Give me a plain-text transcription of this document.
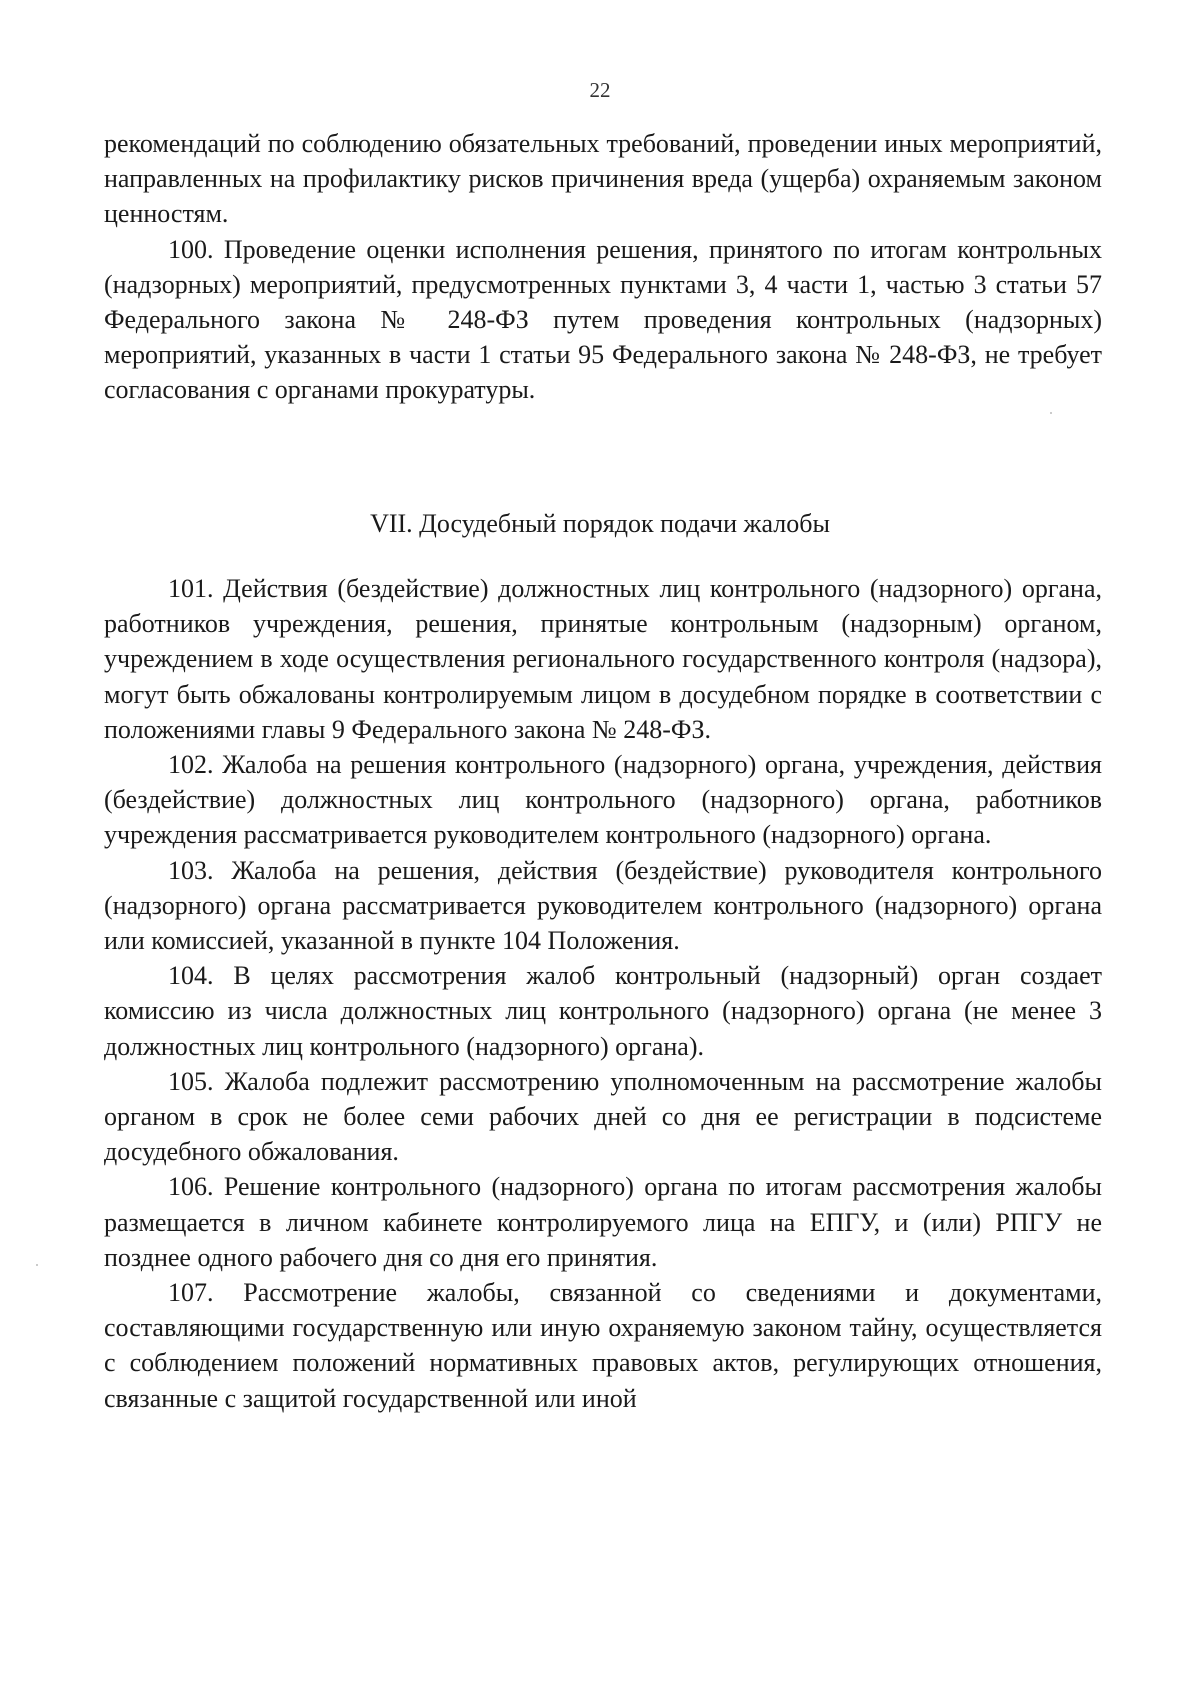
22

рекомендаций по соблюдению обязательных требований, проведении иных мероприятий, направленных на профилактику рисков причинения вреда (ущерба) охраняемым законом ценностям.

100. Проведение оценки исполнения решения, принятого по итогам контрольных (надзорных) мероприятий, предусмотренных пунктами 3, 4 части 1, частью 3 статьи 57 Федерального закона № 248-ФЗ путем проведения контрольных (надзорных) мероприятий, указанных в части 1 статьи 95 Федерального закона № 248-ФЗ, не требует согласования с органами прокуратуры.

VII. Досудебный порядок подачи жалобы

101. Действия (бездействие) должностных лиц контрольного (надзорного) органа, работников учреждения, решения, принятые контрольным (надзорным) органом, учреждением в ходе осуществления регионального государственного контроля (надзора), могут быть обжалованы контролируемым лицом в досудебном порядке в соответствии с положениями главы 9 Федерального закона № 248-ФЗ.

102. Жалоба на решения контрольного (надзорного) органа, учреждения, действия (бездействие) должностных лиц контрольного (надзорного) органа, работников учреждения рассматривается руководителем контрольного (надзорного) органа.

103. Жалоба на решения, действия (бездействие) руководителя контрольного (надзорного) органа рассматривается руководителем контрольного (надзорного) органа или комиссией, указанной в пункте 104 Положения.

104. В целях рассмотрения жалоб контрольный (надзорный) орган создает комиссию из числа должностных лиц контрольного (надзорного) органа (не менее 3 должностных лиц контрольного (надзорного) органа).

105. Жалоба подлежит рассмотрению уполномоченным на рассмотрение жалобы органом в срок не более семи рабочих дней со дня ее регистрации в подсистеме досудебного обжалования.

106. Решение контрольного (надзорного) органа по итогам рассмотрения жалобы размещается в личном кабинете контролируемого лица на ЕПГУ, и (или) РПГУ не позднее одного рабочего дня со дня его принятия.

107. Рассмотрение жалобы, связанной со сведениями и документами, составляющими государственную или иную охраняемую законом тайну, осуществляется с соблюдением положений нормативных правовых актов, регулирующих отношения, связанные с защитой государственной или иной
